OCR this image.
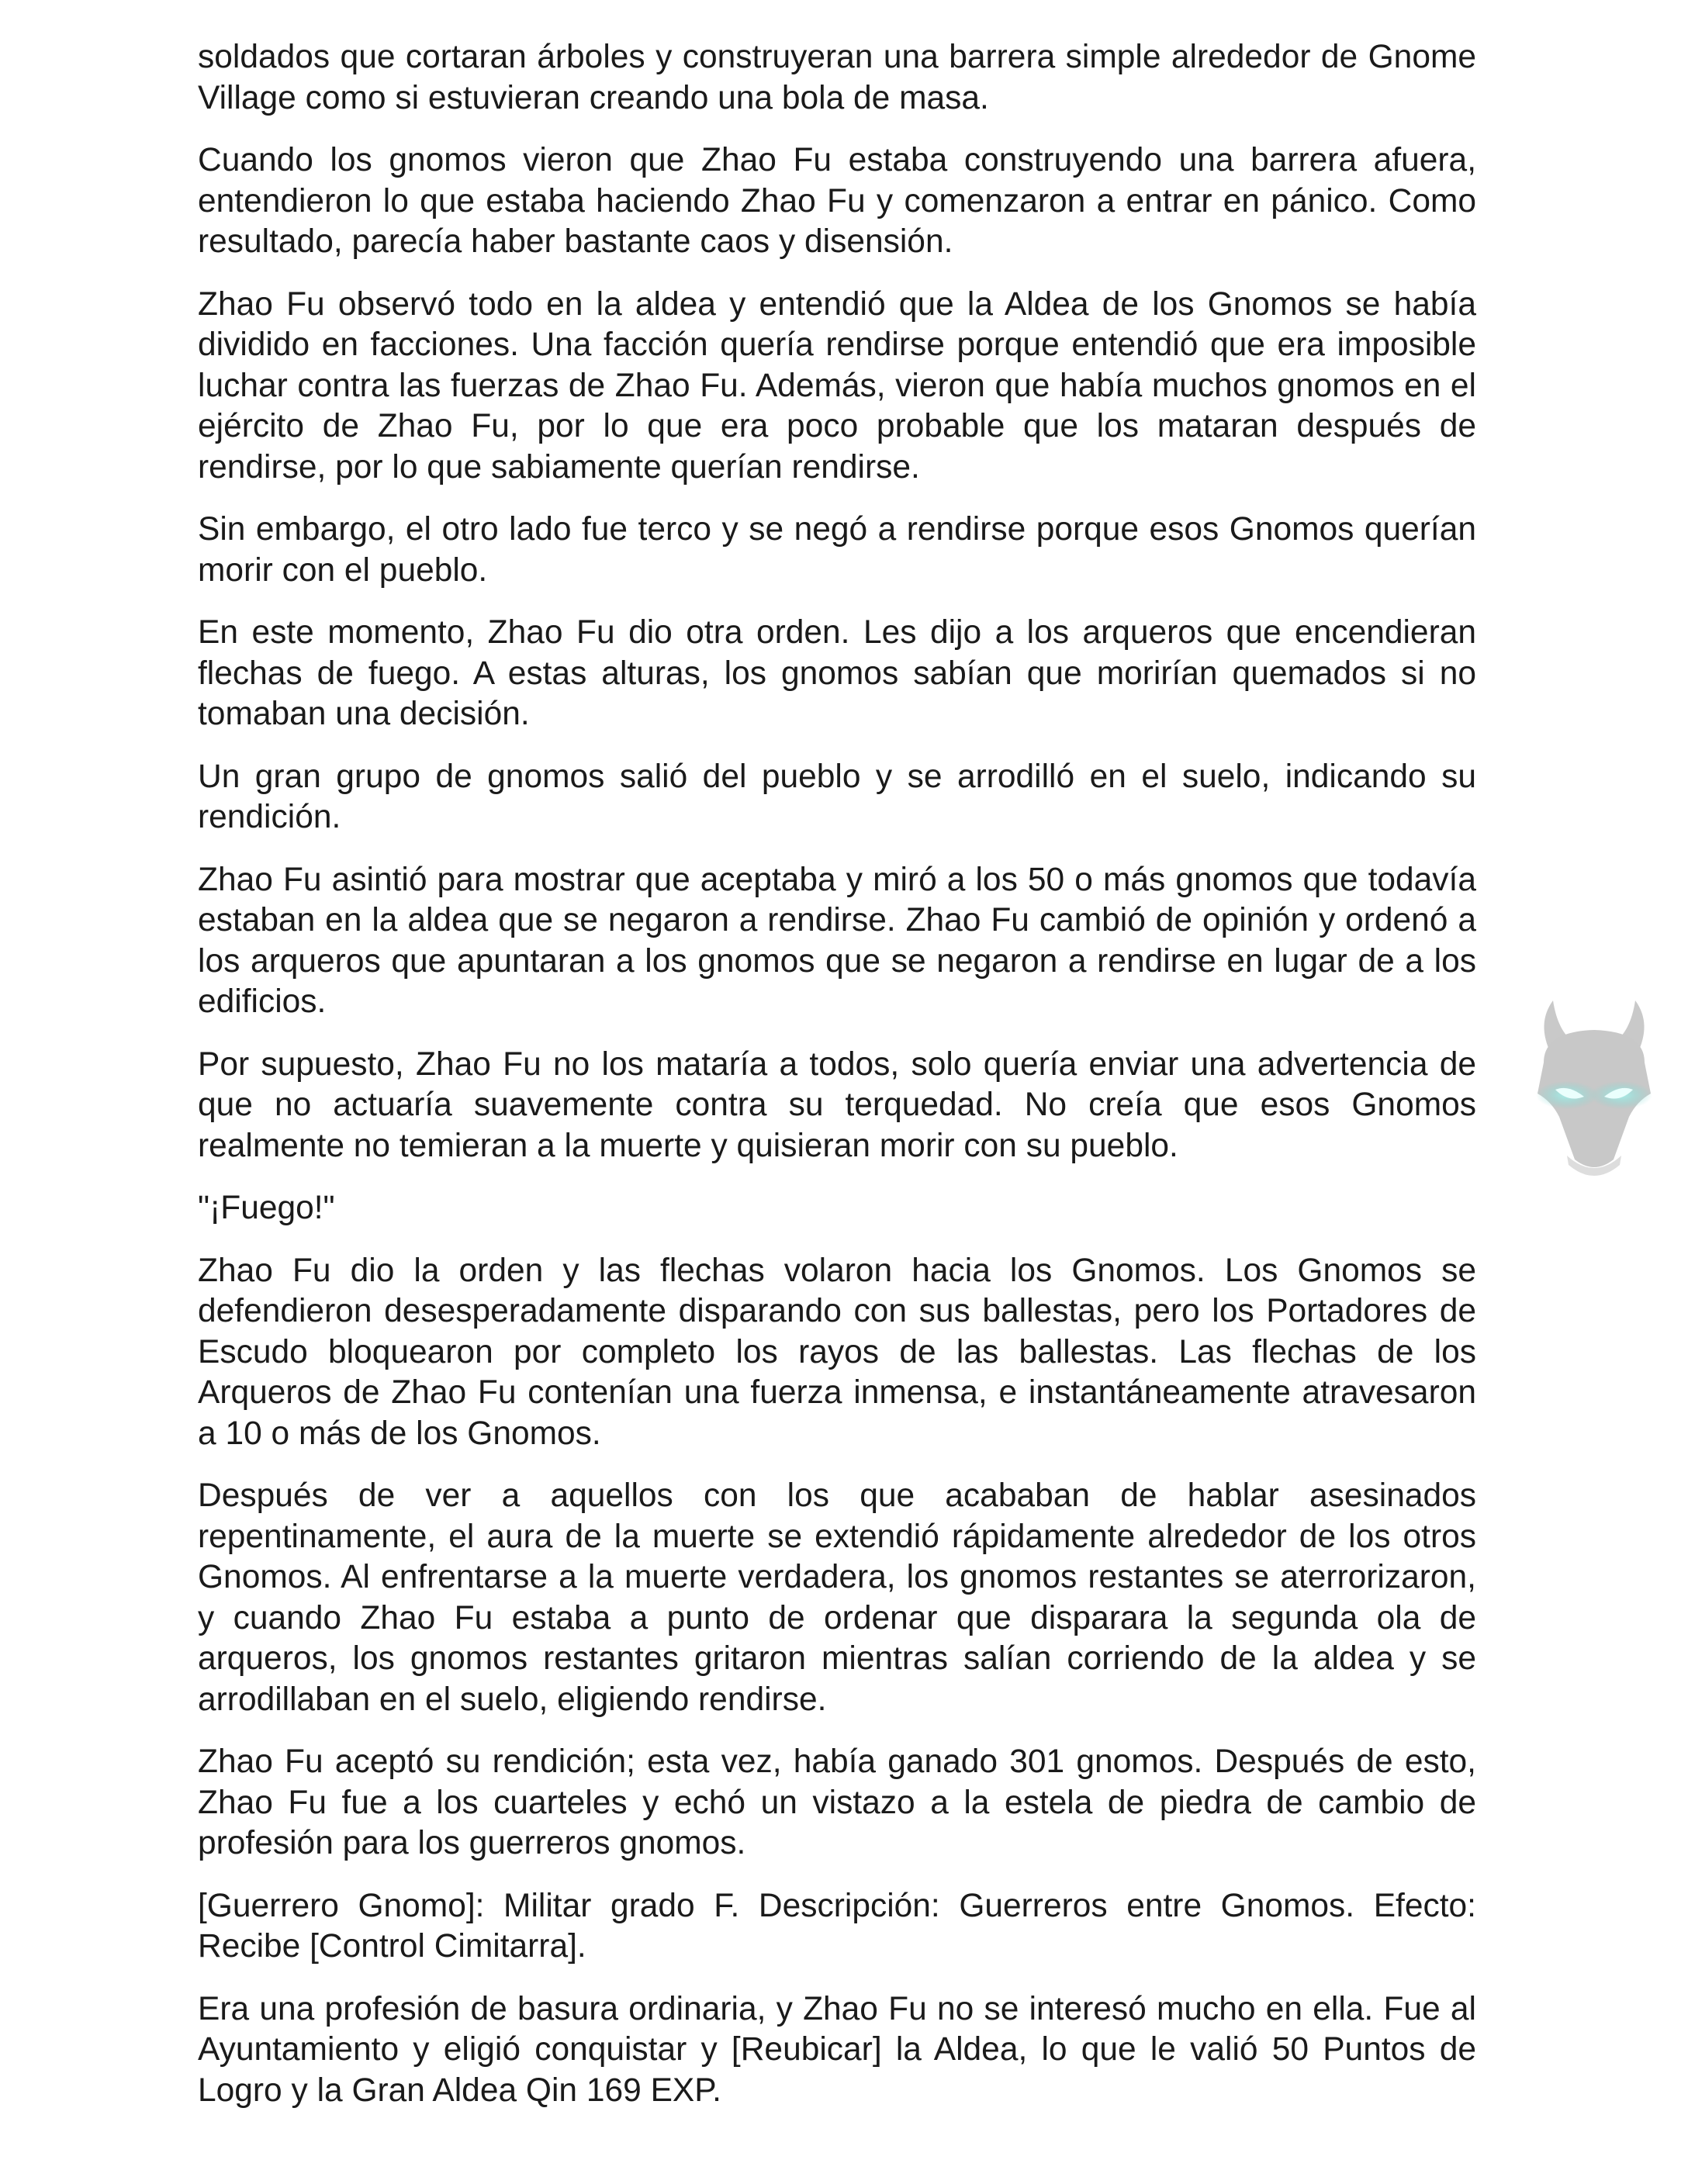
soldados que cortaran árboles y construyeran una barrera simple alrededor de Gnome Village como si estuvieran creando una bola de masa.

Cuando los gnomos vieron que Zhao Fu estaba construyendo una barrera afuera, entendieron lo que estaba haciendo Zhao Fu y comenzaron a entrar en pánico. Como resultado, parecía haber bastante caos y disensión.

Zhao Fu observó todo en la aldea y entendió que la Aldea de los Gnomos se había dividido en facciones. Una facción quería rendirse porque entendió que era imposible luchar contra las fuerzas de Zhao Fu. Además, vieron que había muchos gnomos en el ejército de Zhao Fu, por lo que era poco probable que los mataran después de rendirse, por lo que sabiamente querían rendirse.

Sin embargo, el otro lado fue terco y se negó a rendirse porque esos Gnomos querían morir con el pueblo.

En este momento, Zhao Fu dio otra orden. Les dijo a los arqueros que encendieran flechas de fuego. A estas alturas, los gnomos sabían que morirían quemados si no tomaban una decisión.

Un gran grupo de gnomos salió del pueblo y se arrodilló en el suelo, indicando su rendición.

Zhao Fu asintió para mostrar que aceptaba y miró a los 50 o más gnomos que todavía estaban en la aldea que se negaron a rendirse. Zhao Fu cambió de opinión y ordenó a los arqueros que apuntaran a los gnomos que se negaron a rendirse en lugar de a los edificios.

Por supuesto, Zhao Fu no los mataría a todos, solo quería enviar una advertencia de que no actuaría suavemente contra su terquedad. No creía que esos Gnomos realmente no temieran a la muerte y quisieran morir con su pueblo.

"¡Fuego!"

Zhao Fu dio la orden y las flechas volaron hacia los Gnomos. Los Gnomos se defendieron desesperadamente disparando con sus ballestas, pero los Portadores de Escudo bloquearon por completo los rayos de las ballestas. Las flechas de los Arqueros de Zhao Fu contenían una fuerza inmensa, e instantáneamente atravesaron a 10 o más de los Gnomos.

Después de ver a aquellos con los que acababan de hablar asesinados repentinamente, el aura de la muerte se extendió rápidamente alrededor de los otros Gnomos. Al enfrentarse a la muerte verdadera, los gnomos restantes se aterrorizaron, y cuando Zhao Fu estaba a punto de ordenar que disparara la segunda ola de arqueros, los gnomos restantes gritaron mientras salían corriendo de la aldea y se arrodillaban en el suelo, eligiendo rendirse.

Zhao Fu aceptó su rendición; esta vez, había ganado 301 gnomos. Después de esto, Zhao Fu fue a los cuarteles y echó un vistazo a la estela de piedra de cambio de profesión para los guerreros gnomos.

[Guerrero Gnomo]: Militar grado F. Descripción: Guerreros entre Gnomos. Efecto: Recibe [Control Cimitarra].

Era una profesión de basura ordinaria, y Zhao Fu no se interesó mucho en ella. Fue al Ayuntamiento y eligió conquistar y [Reubicar] la Aldea, lo que le valió 50 Puntos de Logro y la Gran Aldea Qin 169 EXP.
